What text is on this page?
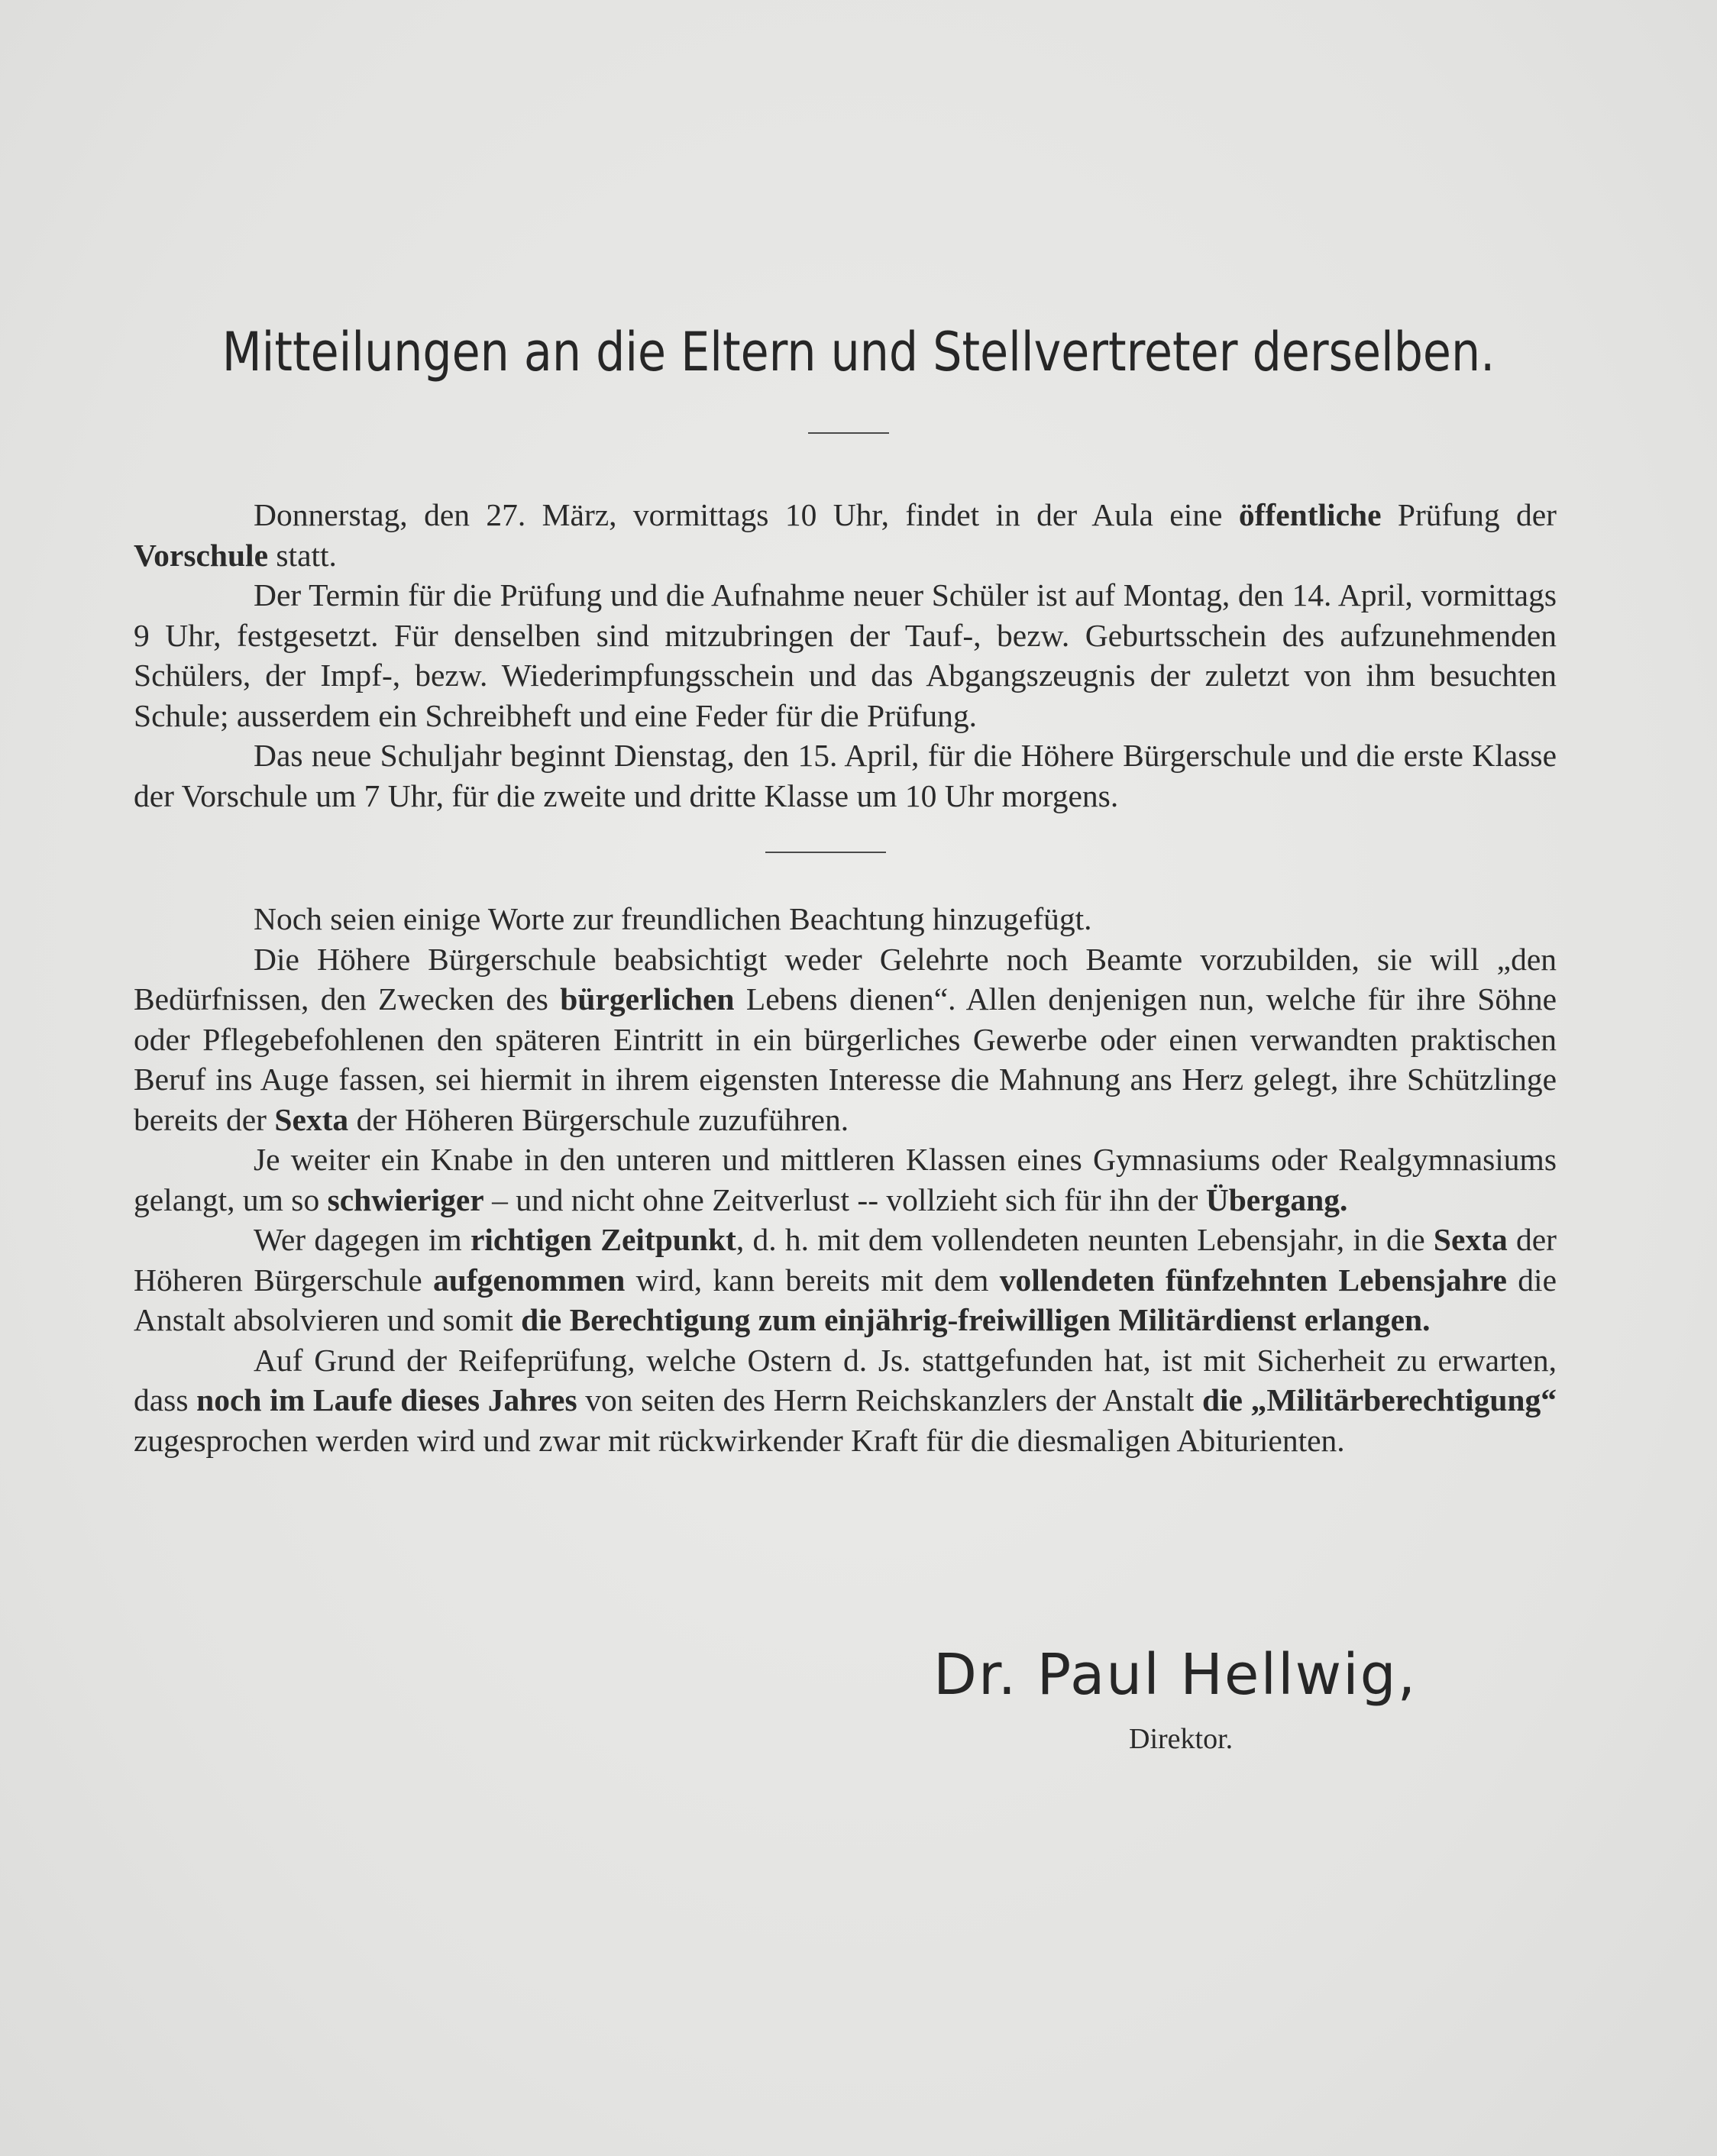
Mitteilungen an die Eltern und Stellvertreter derselben.

Donnerstag, den 27. März, vormittags 10 Uhr, findet in der Aula eine öffentliche Prüfung der Vorschule statt.

Der Termin für die Prüfung und die Aufnahme neuer Schüler ist auf Montag, den 14. April, vormittags 9 Uhr, festgesetzt. Für denselben sind mitzubringen der Tauf-, bezw. Geburtsschein des aufzunehmenden Schülers, der Impf-, bezw. Wiederimpfungsschein und das Abgangszeugnis der zuletzt von ihm besuchten Schule; ausserdem ein Schreibheft und eine Feder für die Prüfung.

Das neue Schuljahr beginnt Dienstag, den 15. April, für die Höhere Bürgerschule und die erste Klasse der Vorschule um 7 Uhr, für die zweite und dritte Klasse um 10 Uhr morgens.

Noch seien einige Worte zur freundlichen Beachtung hinzugefügt.

Die Höhere Bürgerschule beabsichtigt weder Gelehrte noch Beamte vorzubilden, sie will „den Bedürfnissen, den Zwecken des bürgerlichen Lebens dienen“. Allen denjenigen nun, welche für ihre Söhne oder Pflegebefohlenen den späteren Eintritt in ein bürgerliches Gewerbe oder einen verwandten praktischen Beruf ins Auge fassen, sei hiermit in ihrem eigensten Interesse die Mahnung ans Herz gelegt, ihre Schützlinge bereits der Sexta der Höheren Bürgerschule zuzuführen.

Je weiter ein Knabe in den unteren und mittleren Klassen eines Gymnasiums oder Realgymnasiums gelangt, um so schwieriger – und nicht ohne Zeitverlust -- vollzieht sich für ihn der Übergang.

Wer dagegen im richtigen Zeitpunkt, d. h. mit dem vollendeten neunten Lebensjahr, in die Sexta der Höheren Bürgerschule aufgenommen wird, kann bereits mit dem vollendeten fünfzehnten Lebensjahre die Anstalt absolvieren und somit die Berechtigung zum einjährig-freiwilligen Militärdienst erlangen.

Auf Grund der Reifeprüfung, welche Ostern d. Js. stattgefunden hat, ist mit Sicherheit zu erwarten, dass noch im Laufe dieses Jahres von seiten des Herrn Reichskanzlers der Anstalt die „Militärberechtigung“ zugesprochen werden wird und zwar mit rückwirkender Kraft für die diesmaligen Abiturienten.

Dr. Paul Hellwig,
Direktor.
